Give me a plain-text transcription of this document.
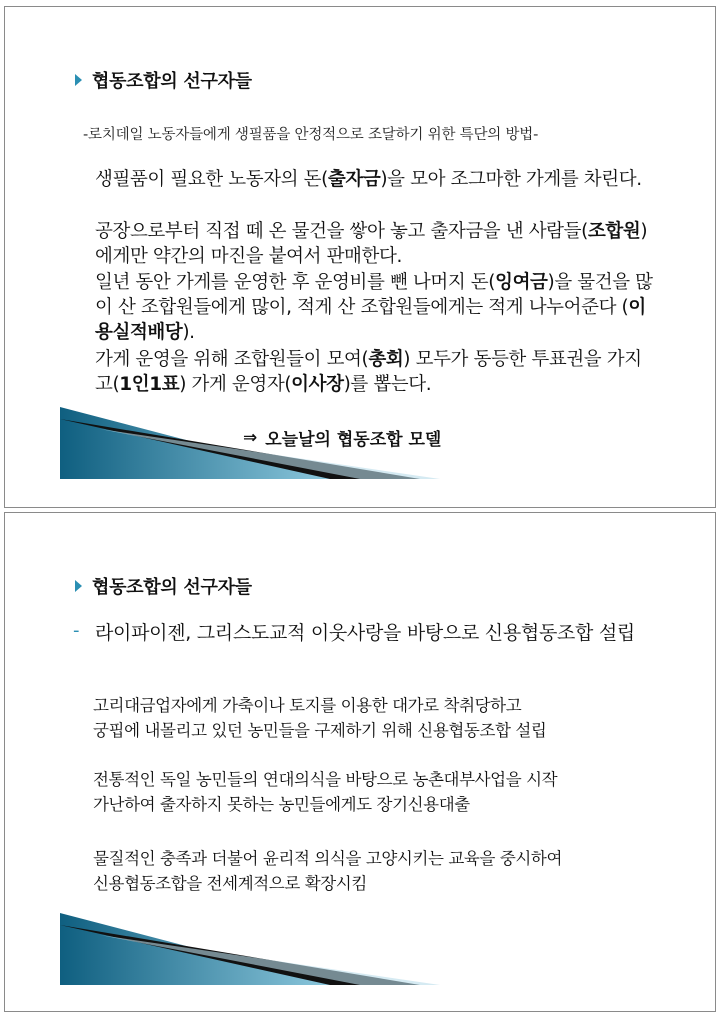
협동조합의 선구자들
-로치데일 노동자들에게 생필품을 안정적으로 조달하기 위한 특단의 방법-
생필품이 필요한 노동자의 돈(출자금)을 모아 조그마한 가게를 차린다.
공장으로부터 직접 떼 온 물건을 쌓아 놓고 출자금을 낸 사람들(조합원)에게만 약간의 마진을 붙여서 판매한다.
일년 동안 가게를 운영한 후 운영비를 뺀 나머지 돈(잉여금)을 물건을 많이 산 조합원들에게 많이, 적게 산 조합원들에게는 적게 나누어준다 (이용실적배당).
가게 운영을 위해 조합원들이 모여(총회) 모두가 동등한 투표권을 가지고(1인1표) 가게 운영자(이사장)를 뽑는다.
⇒ 오늘날의 협동조합 모델
협동조합의 선구자들
- 라이파이젠, 그리스도교적 이웃사랑을 바탕으로 신용협동조합 설립
고리대금업자에게 가축이나 토지를 이용한 대가로 착취당하고
궁핍에 내몰리고 있던 농민들을 구제하기 위해 신용협동조합 설립
전통적인 독일 농민들의 연대의식을 바탕으로 농촌대부사업을 시작
가난하여 출자하지 못하는 농민들에게도 장기신용대출
물질적인 충족과 더불어 윤리적 의식을 고양시키는 교육을 중시하여
신용협동조합을 전세계적으로 확장시킴
